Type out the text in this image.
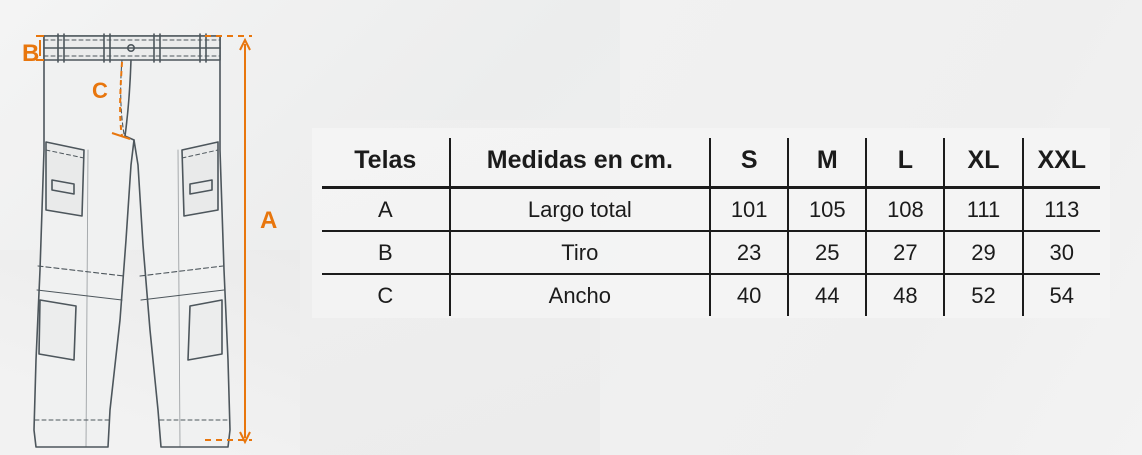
B
C
A
Telas	Medidas en cm.	S	M	L	XL	XXL
A	Largo total	101	105	108	111	113
B	Tiro	23	25	27	29	30
C	Ancho	40	44	48	52	54
